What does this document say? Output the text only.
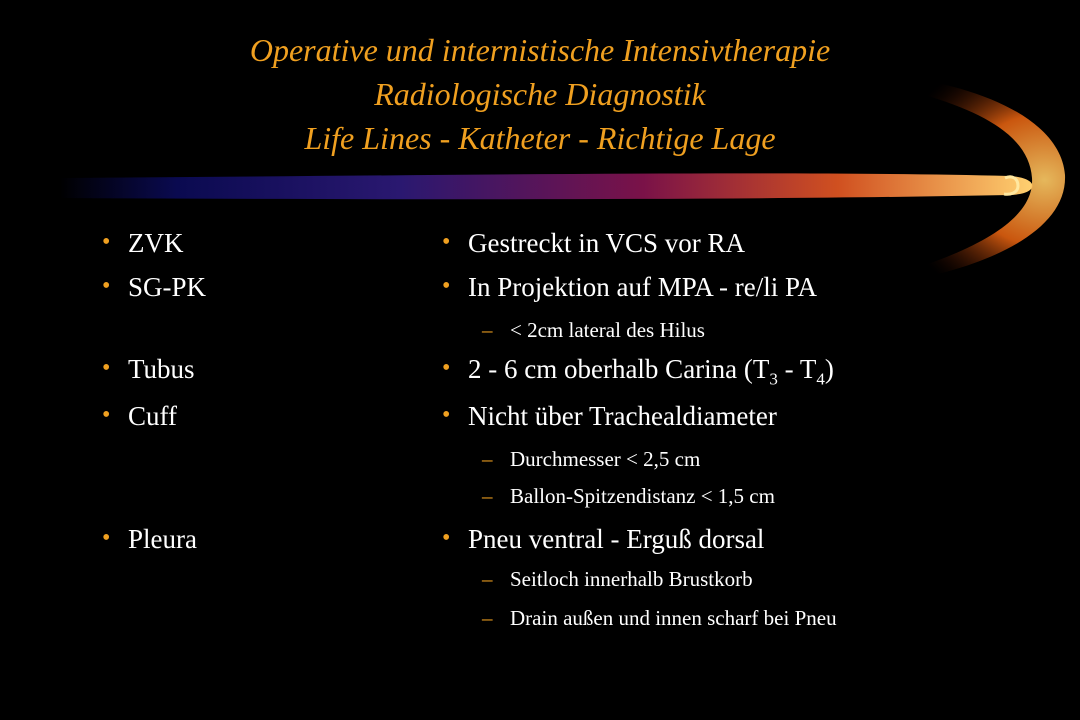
Operative und internistische Intensivtherapie
Radiologische Diagnostik
Life Lines - Katheter - Richtige Lage
• ZVK
• SG-PK
• Tubus
• Cuff
• Pleura
• Gestreckt in VCS vor RA
• In Projektion auf MPA - re/li PA
– < 2cm lateral des Hilus
• 2 - 6 cm oberhalb Carina $(T_3 - T_4)$
• Nicht über Trachealdiameter
– Durchmesser < 2,5 cm
– Ballon-Spitzendistanz < 1,5 cm
• Pneu ventral - Erguß dorsal
– Seitloch innerhalb Brustkorb
– Drain außen und innen scharf bei Pneu
